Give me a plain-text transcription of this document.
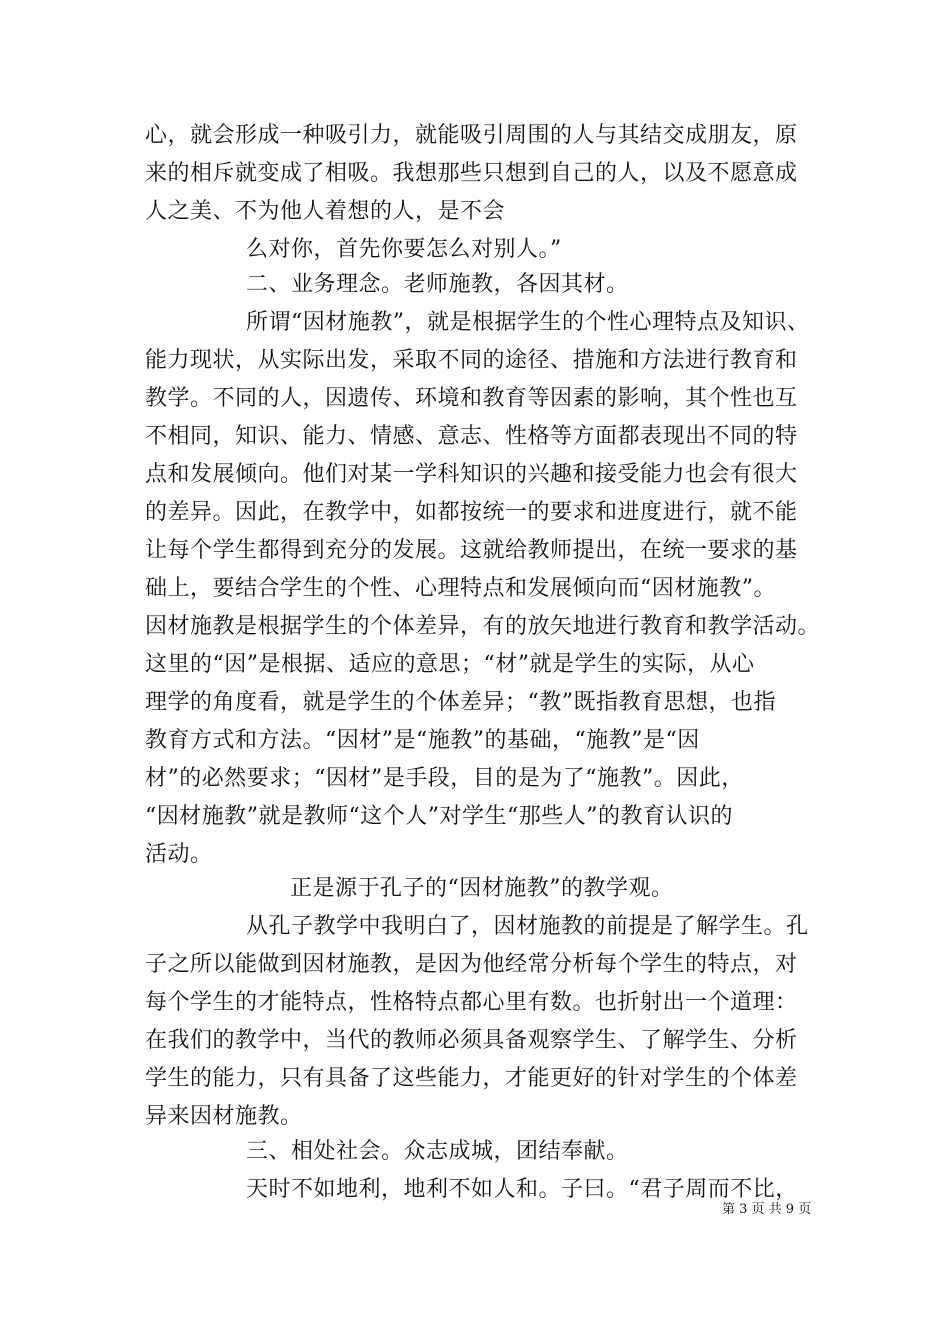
心，就会形成一种吸引力，就能吸引周围的人与其结交成朋友，原
来的相斥就变成了相吸。我想那些只想到自己的人，以及不愿意成
人之美、不为他人着想的人，是不会
么对你，首先你要怎么对别人。”
二、业务理念。老师施教，各因其材。
所谓“因材施教”，就是根据学生的个性心理特点及知识、
能力现状，从实际出发，采取不同的途径、措施和方法进行教育和
教学。不同的人，因遗传、环境和教育等因素的影响，其个性也互
不相同，知识、能力、情感、意志、性格等方面都表现出不同的特
点和发展倾向。他们对某一学科知识的兴趣和接受能力也会有很大
的差异。因此，在教学中，如都按统一的要求和进度进行，就不能
让每个学生都得到充分的发展。这就给教师提出，在统一要求的基
础上，要结合学生的个性、心理特点和发展倾向而“因材施教”。
因材施教是根据学生的个体差异，有的放矢地进行教育和教学活动。
这里的“因”是根据、适应的意思；“材”就是学生的实际，从心
理学的角度看，就是学生的个体差异；“教”既指教育思想，也指
教育方式和方法。“因材”是“施教”的基础，“施教”是“因
材”的必然要求；“因材”是手段，目的是为了“施教”。因此，
“因材施教”就是教师“这个人”对学生“那些人”的教育认识的
活动。
正是源于孔子的“因材施教”的教学观。
从孔子教学中我明白了，因材施教的前提是了解学生。孔
子之所以能做到因材施教，是因为他经常分析每个学生的特点，对
每个学生的才能特点，性格特点都心里有数。也折射出一个道理：
在我们的教学中，当代的教师必须具备观察学生、了解学生、分析
学生的能力，只有具备了这些能力，才能更好的针对学生的个体差
异来因材施教。
三、相处社会。众志成城，团结奉献。
天时不如地利，地利不如人和。子曰。“君子周而不比，
第 3 页 共 9 页
